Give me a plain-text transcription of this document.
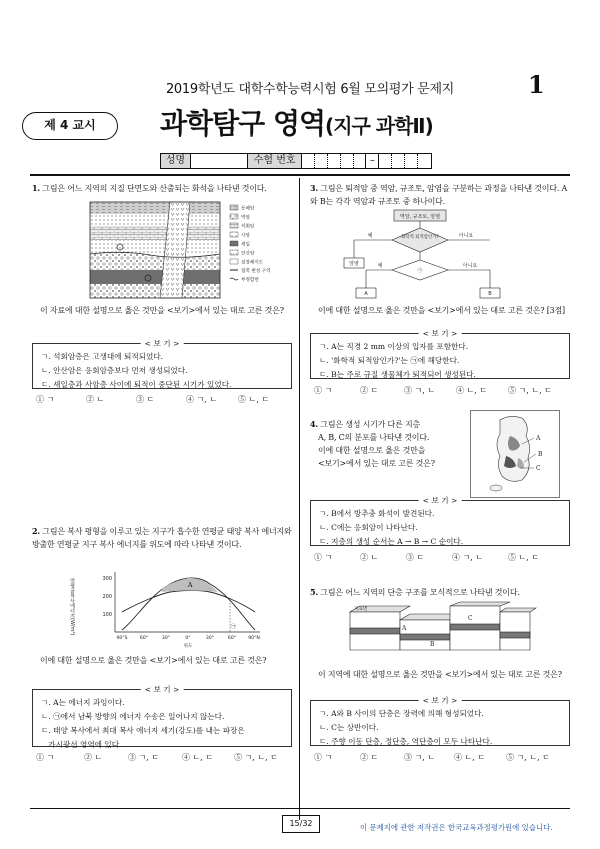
2019학년도 대학수학능력시험 6월 모의평가 문제지	1
제 4 교시	과학탐구 영역(지구 과학Ⅱ)
성명	수험 번호	–
1. 그림은 어느 지역의 지질 단면도와 산출되는 화석을 나타낸 것이다.
등폐암
역암
석회암
사암
셰일
안산암
섬장쇄이트
접촉 변성 구역
부정합면
이 자료에 대한 설명으로 옳은 것만을 <보기>에서 있는 대로 고른 것은?
< 보 기 >
ㄱ. 석회암층은 고생대에 퇴적되었다.
ㄴ. 안산암은 응회암층보다 먼저 생성되었다.
ㄷ. 셰일층과 사암층 사이에 퇴적이 중단된 시기가 있었다.
① ㄱ	② ㄴ	③ ㄷ	④ ㄱ, ㄴ	⑤ ㄴ, ㄷ
2. 그림은 복사 평형을 이루고 있는 지구가 흡수한 연평균 태양 복사 에너지와 방출한 연평균 지구 복사 에너지를 위도에 따라 나타낸 것이다.
연평균복사에너지(W/m²)	300
200
100
A
㉠
90°S	60°	30°	0°	30°	60°	90°N
위도
이에 대한 설명으로 옳은 것만을 <보기>에서 있는 대로 고른 것은?
< 보 기 >
ㄱ. A는 에너지 과잉이다.
ㄴ. ㉠에서 남북 방향의 에너지 수송은 일어나지 않는다.
ㄷ. 태양 복사에서 최대 복사 에너지 세기(강도)를 내는 파장은
가시광선 영역에 있다.
① ㄱ	② ㄴ	③ ㄱ, ㄷ	④ ㄴ, ㄷ	⑤ ㄱ, ㄴ, ㄷ
3. 그림은 퇴적암 중 역암, 규조토, 암염을 구분하는 과정을 나타낸 것이다. A와 B는 각각 역암과 규조토 중 하나이다.
역암, 규조토, 암염
화학적 퇴적암인가?
㉠
예	아니요
예	아니요
암염
A	B
이에 대한 설명으로 옳은 것만을 <보기>에서 있는 대로 고른 것은? [3점]
< 보 기 >
ㄱ. A는 직경 2 mm 이상의 입자를 포함한다.
ㄴ. '화학적 퇴적암인가?'는 ㉠에 해당한다.
ㄷ. B는 주로 규질 생물체가 퇴적되어 생성된다.
① ㄱ	② ㄷ	③ ㄱ, ㄴ	④ ㄴ, ㄷ	⑤ ㄱ, ㄴ, ㄷ
4. 그림은 생성 시기가 다른 지층
A, B, C의 분포를 나타낸 것이다.
이에 대한 설명으로 옳은 것만을
<보기>에서 있는 대로 고른 것은?
A
B
C
< 보 기 >
ㄱ. B에서 방추충 화석이 발견된다.
ㄴ. C에는 응회암이 나타난다.
ㄷ. 지층의 생성 순서는 A → B → C 순이다.
① ㄱ	② ㄴ	③ ㄷ	④ ㄱ, ㄴ	⑤ ㄴ, ㄷ
5. 그림은 어느 지역의 단층 구조를 모식적으로 나타낸 것이다.
지표면
A
B
C
이 지역에 대한 설명으로 옳은 것만을 <보기>에서 있는 대로 고른 것은?
< 보 기 >
ㄱ. A와 B 사이의 단층은 장력에 의해 형성되었다.
ㄴ. C는 상반이다.
ㄷ. 주향 이동 단층, 정단층, 역단층이 모두 나타난다.
① ㄱ	② ㄷ	③ ㄱ, ㄴ	④ ㄴ, ㄷ	⑤ ㄱ, ㄴ, ㄷ
15/32	이 문제지에 관한 저작권은 한국교육과정평가원에 있습니다.
